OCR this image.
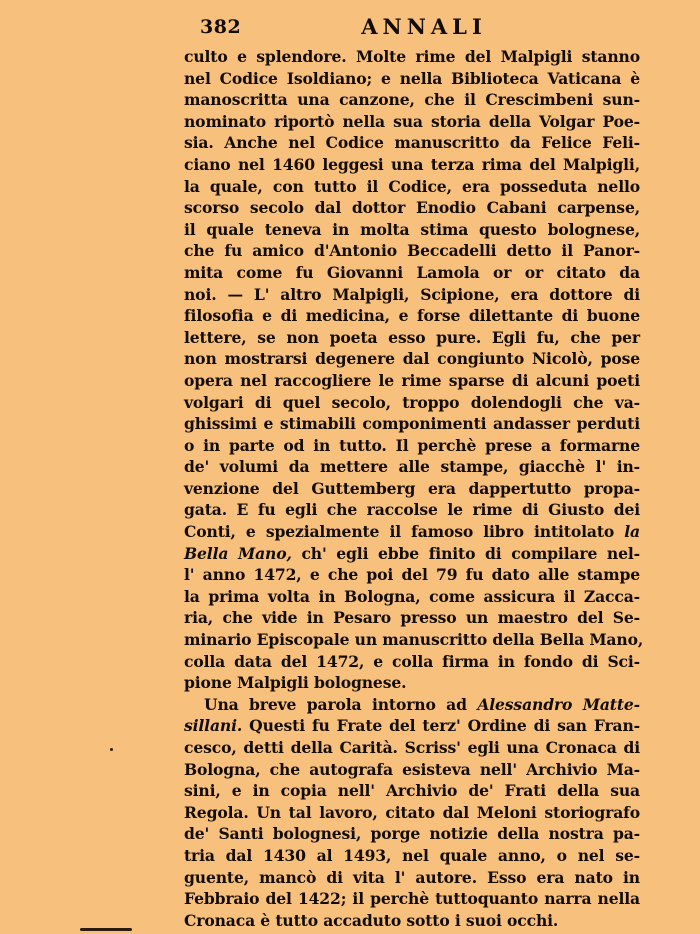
382	ANNALI
culto e splendore. Molte rime del Malpigli stanno
nel Codice Isoldiano; e nella Biblioteca Vaticana è
manoscritta una canzone, che il Crescimbeni sun-
nominato riportò nella sua storia della Volgar Poe-
sia. Anche nel Codice manuscritto da Felice Feli-
ciano nel 1460 leggesi una terza rima del Malpigli,
la quale, con tutto il Codice, era posseduta nello
scorso secolo dal dottor Enodio Cabani carpense,
il quale teneva in molta stima questo bolognese,
che fu amico d'Antonio Beccadelli detto il Panor-
mita come fu Giovanni Lamola or or citato da
noi. — L' altro Malpigli, Scipione, era dottore di
filosofia e di medicina, e forse dilettante di buone
lettere, se non poeta esso pure. Egli fu, che per
non mostrarsi degenere dal congiunto Nicolò, pose
opera nel raccogliere le rime sparse di alcuni poeti
volgari di quel secolo, troppo dolendogli che va-
ghissimi e stimabili componimenti andasser perduti
o in parte od in tutto. Il perchè prese a formarne
de' volumi da mettere alle stampe, giacchè l' in-
venzione del Guttemberg era dappertutto propa-
gata. E fu egli che raccolse le rime di Giusto dei
Conti, e spezialmente il famoso libro intitolato la
Bella Mano, ch' egli ebbe finito di compilare nel-
l' anno 1472, e che poi del 79 fu dato alle stampe
la prima volta in Bologna, come assicura il Zacca-
ria, che vide in Pesaro presso un maestro del Se-
minario Episcopale un manuscritto della Bella Mano,
colla data del 1472, e colla firma in fondo di Sci-
pione Malpigli bolognese.
Una breve parola intorno ad Alessandro Matte-
sillani. Questi fu Frate del terz' Ordine di san Fran-
cesco, detti della Carità. Scriss' egli una Cronaca di
Bologna, che autografa esisteva nell' Archivio Ma-
sini, e in copia nell' Archivio de' Frati della sua
Regola. Un tal lavoro, citato dal Meloni storiografo
de' Santi bolognesi, porge notizie della nostra pa-
tria dal 1430 al 1493, nel quale anno, o nel se-
guente, mancò di vita l' autore. Esso era nato in
Febbraio del 1422; il perchè tuttoquanto narra nella
Cronaca è tutto accaduto sotto i suoi occhi.
